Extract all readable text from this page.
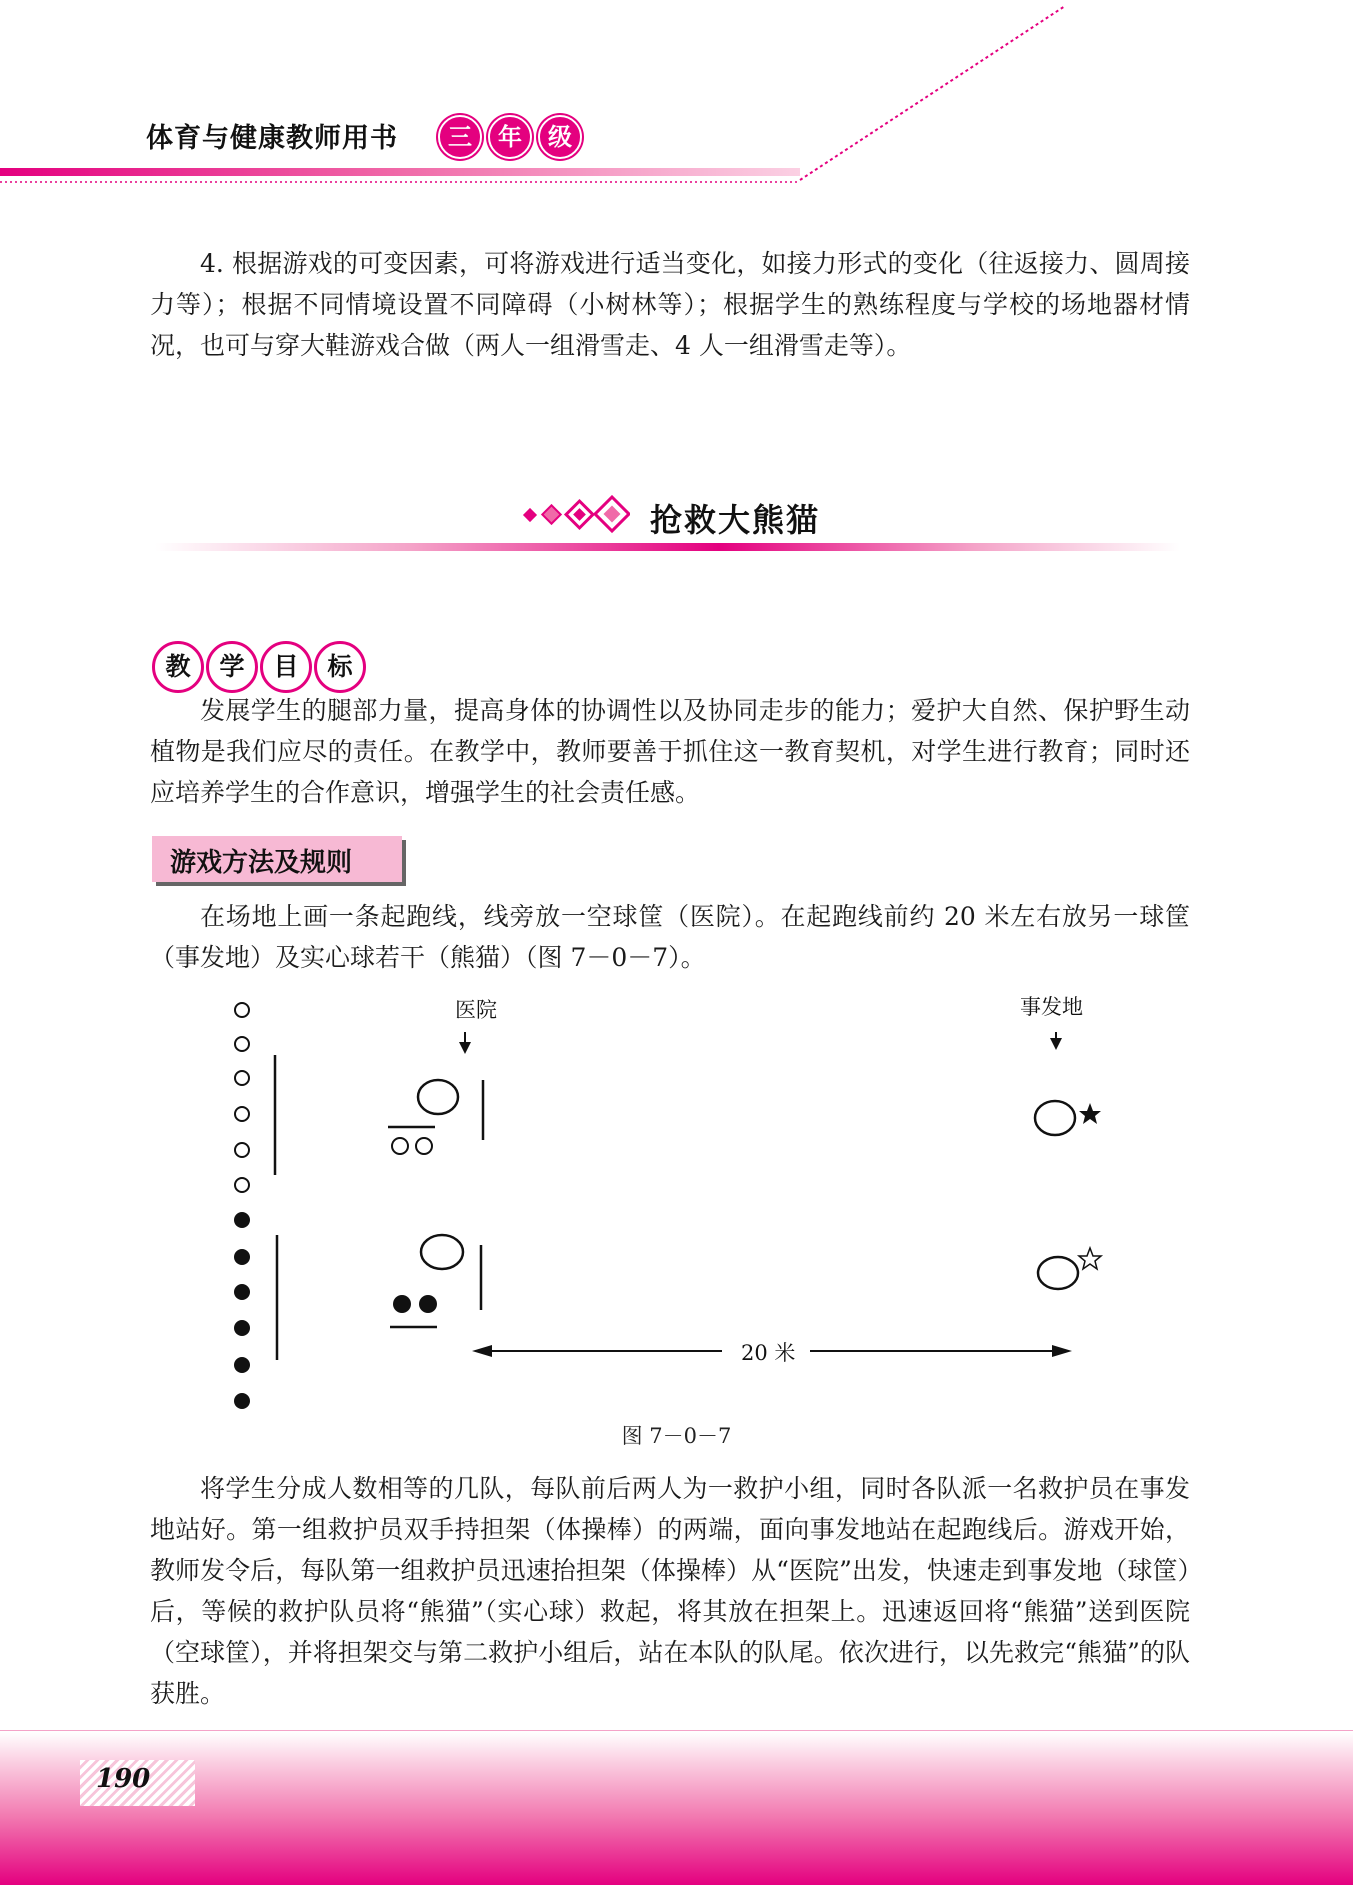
体育与健康教师用书	三	年	级

4. 根据游戏的可变因素，可将游戏进行适当变化，如接力形式的变化（往返接力、圆周接力等）；根据不同情境设置不同障碍（小树林等）；根据学生的熟练程度与学校的场地器材情况，也可与穿大鞋游戏合做（两人一组滑雪走、4 人一组滑雪走等）。

抢救大熊猫
教	学	目	标

发展学生的腿部力量，提高身体的协调性以及协同走步的能力；爱护大自然、保护野生动植物是我们应尽的责任。在教学中，教师要善于抓住这一教育契机，对学生进行教育；同时还应培养学生的合作意识，增强学生的社会责任感。

游戏方法及规则

在场地上画一条起跑线，线旁放一空球筐（医院）。在起跑线前约 20 米左右放另一球筐（事发地）及实心球若干（熊猫）（图 7－0－7）。

医院	事发地
20 米
图 7－0－7

将学生分成人数相等的几队，每队前后两人为一救护小组，同时各队派一名救护员在事发地站好。第一组救护员双手持担架（体操棒）的两端，面向事发地站在起跑线后。游戏开始，教师发令后，每队第一组救护员迅速抬担架（体操棒）从“医院”出发，快速走到事发地（球筐）后，等候的救护队员将“熊猫”（实心球）救起，将其放在担架上。迅速返回将“熊猫”送到医院（空球筐），并将担架交与第二救护小组后，站在本队的队尾。依次进行，以先救完“熊猫”的队获胜。

190
